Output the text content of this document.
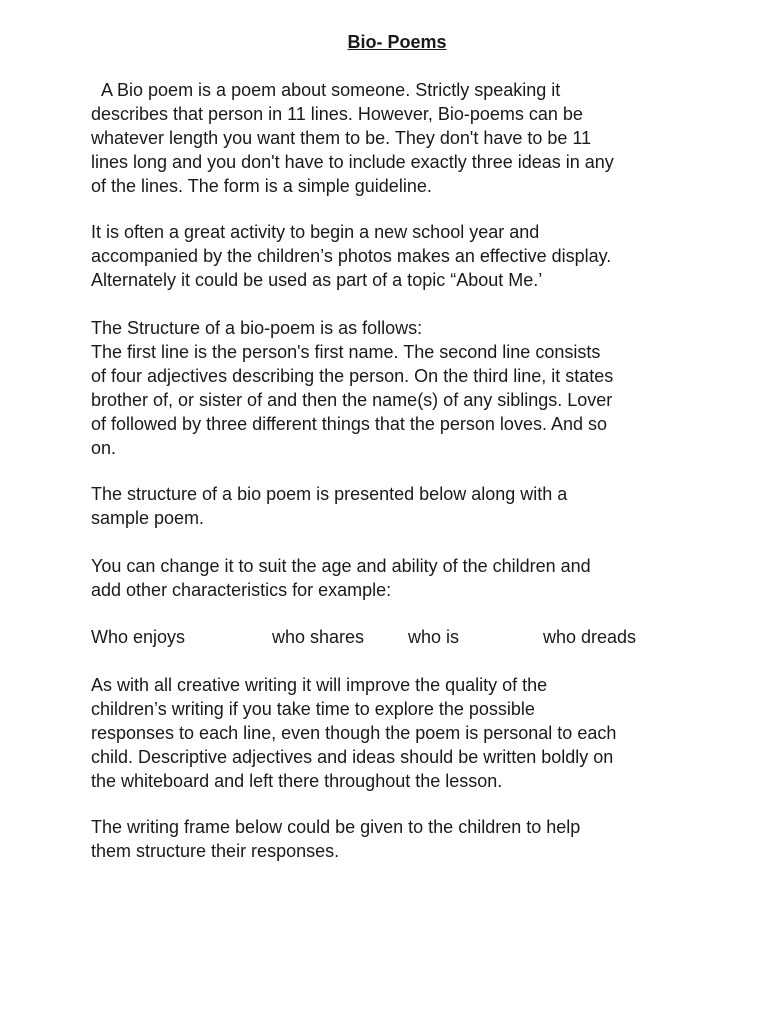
Bio- Poems

A Bio poem is a poem about someone. Strictly speaking it
describes that person in 11 lines. However, Bio-poems can be
whatever length you want them to be. They don't have to be 11
lines long and you don't have to include exactly three ideas in any
of the lines. The form is a simple guideline.

It is often a great activity to begin a new school year and
accompanied by the children’s photos makes an effective display.
Alternately it could be used as part of a topic “About Me.’

The Structure of a bio-poem is as follows:
The first line is the person's first name. The second line consists
of four adjectives describing the person. On the third line, it states
brother of, or sister of and then the name(s) of any siblings. Lover
of followed by three different things that the person loves. And so
on.

The structure of a bio poem is presented below along with a
sample poem.

You can change it to suit the age and ability of the children and
add other characteristics for example:

Who enjoys	who shares who is	who dreads

As with all creative writing it will improve the quality of the
children’s writing if you take time to explore the possible
responses to each line, even though the poem is personal to each
child. Descriptive adjectives and ideas should be written boldly on
the whiteboard and left there throughout the lesson.

The writing frame below could be given to the children to help
them structure their responses.
